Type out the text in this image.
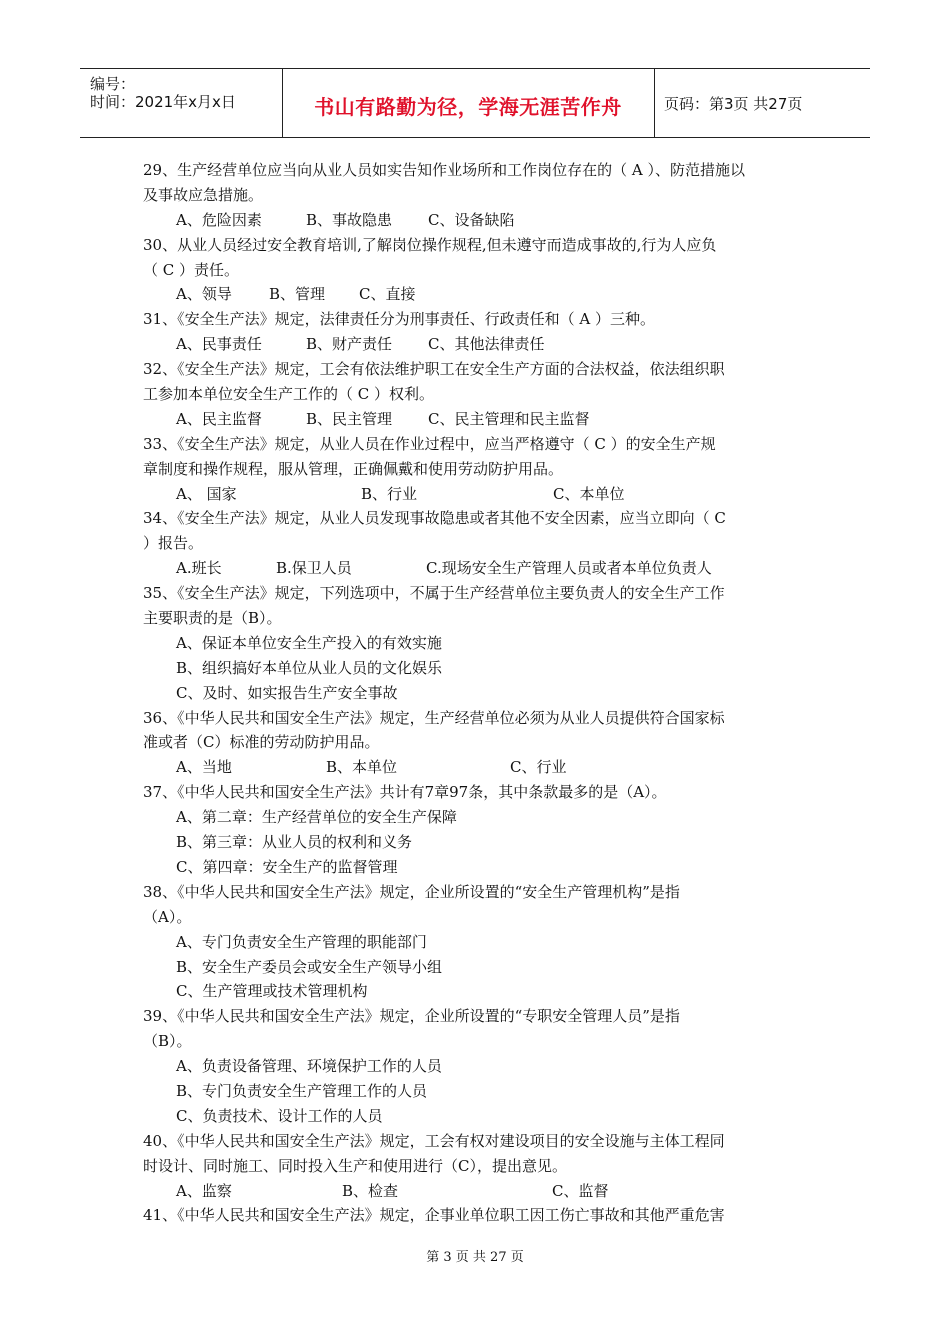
编号：
时间：2021年x月x日	书山有路勤为径，学海无涯苦作舟	页码：第3页 共27页
29、生产经营单位应当向从业人员如实告知作业场所和工作岗位存在的（ A ）、防范措施以
及事故应急措施。
A、危险因素	B、事故隐患 C、设备缺陷
30、从业人员经过安全教育培训,了解岗位操作规程,但未遵守而造成事故的,行为人应负
（ C ）责任。
A、领导 B、管理 C、直接
31、《安全生产法》规定，法律责任分为刑事责任、行政责任和（ A ）三种。
A、民事责任	B、财产责任 C、其他法律责任
32、《安全生产法》规定，工会有依法维护职工在安全生产方面的合法权益，依法组织职
工参加本单位安全生产工作的（ C ）权利。
A、民主监督	B、民主管理 C、民主管理和民主监督
33、《安全生产法》规定，从业人员在作业过程中，应当严格遵守（ C ）的安全生产规
章制度和操作规程，服从管理，正确佩戴和使用劳动防护用品。
A、 国家	B、行业	C、本单位
34、《安全生产法》规定，从业人员发现事故隐患或者其他不安全因素，应当立即向（ C
）报告。
A.班长	B.保卫人员	C.现场安全生产管理人员或者本单位负责人
35、《安全生产法》规定，下列选项中，不属于生产经营单位主要负责人的安全生产工作
主要职责的是（B）。
A、保证本单位安全生产投入的有效实施
B、组织搞好本单位从业人员的文化娱乐
C、及时、如实报告生产安全事故
36、《中华人民共和国安全生产法》规定，生产经营单位必须为从业人员提供符合国家标
准或者（C）标准的劳动防护用品。
A、当地	B、本单位	C、行业
37、《中华人民共和国安全生产法》共计有7章97条，其中条款最多的是（A）。
A、第二章：生产经营单位的安全生产保障
B、第三章：从业人员的权利和义务
C、第四章：安全生产的监督管理
38、《中华人民共和国安全生产法》规定，企业所设置的“安全生产管理机构”是指
（A）。
A、专门负责安全生产管理的职能部门
B、安全生产委员会或安全生产领导小组
C、生产管理或技术管理机构
39、《中华人民共和国安全生产法》规定，企业所设置的“专职安全管理人员”是指
（B）。
A、负责设备管理、环境保护工作的人员
B、专门负责安全生产管理工作的人员
C、负责技术、设计工作的人员
40、《中华人民共和国安全生产法》规定，工会有权对建设项目的安全设施与主体工程同
时设计、同时施工、同时投入生产和使用进行（C），提出意见。
A、监察	B、检查	C、监督
41、《中华人民共和国安全生产法》规定，企事业单位职工因工伤亡事故和其他严重危害
第 3 页 共 27 页
